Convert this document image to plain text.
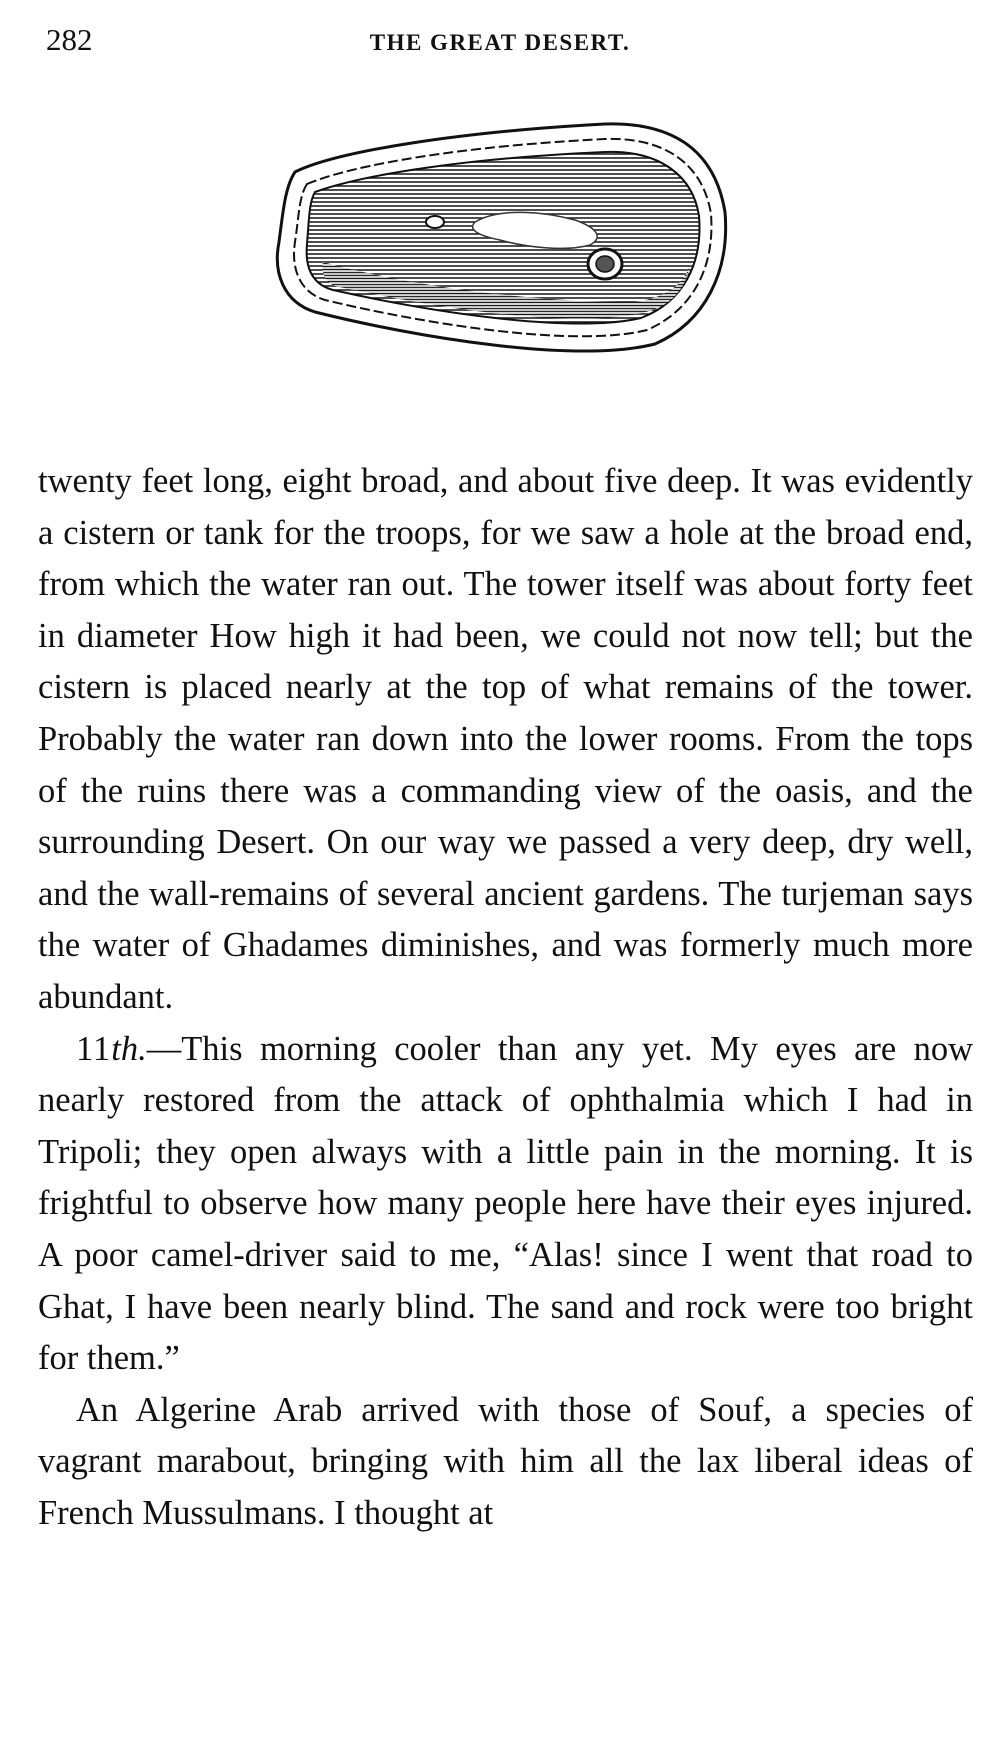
282	THE GREAT DESERT.

twenty feet long, eight broad, and about five deep. It was evidently a cistern or tank for the troops, for we saw a hole at the broad end, from which the water ran out. The tower itself was about forty feet in diameter How high it had been, we could not now tell; but the cistern is placed nearly at the top of what remains of the tower. Probably the water ran down into the lower rooms. From the tops of the ruins there was a commanding view of the oasis, and the surrounding Desert. On our way we passed a very deep, dry well, and the wall-remains of several ancient gardens. The turjeman says the water of Ghadames diminishes, and was formerly much more abundant.

11th.—This morning cooler than any yet. My eyes are now nearly restored from the attack of ophthalmia which I had in Tripoli; they open always with a little pain in the morning. It is frightful to observe how many people here have their eyes injured. A poor camel-driver said to me, “Alas! since I went that road to Ghat, I have been nearly blind. The sand and rock were too bright for them.”

An Algerine Arab arrived with those of Souf, a species of vagrant marabout, bringing with him all the lax liberal ideas of French Mussulmans. I thought at
